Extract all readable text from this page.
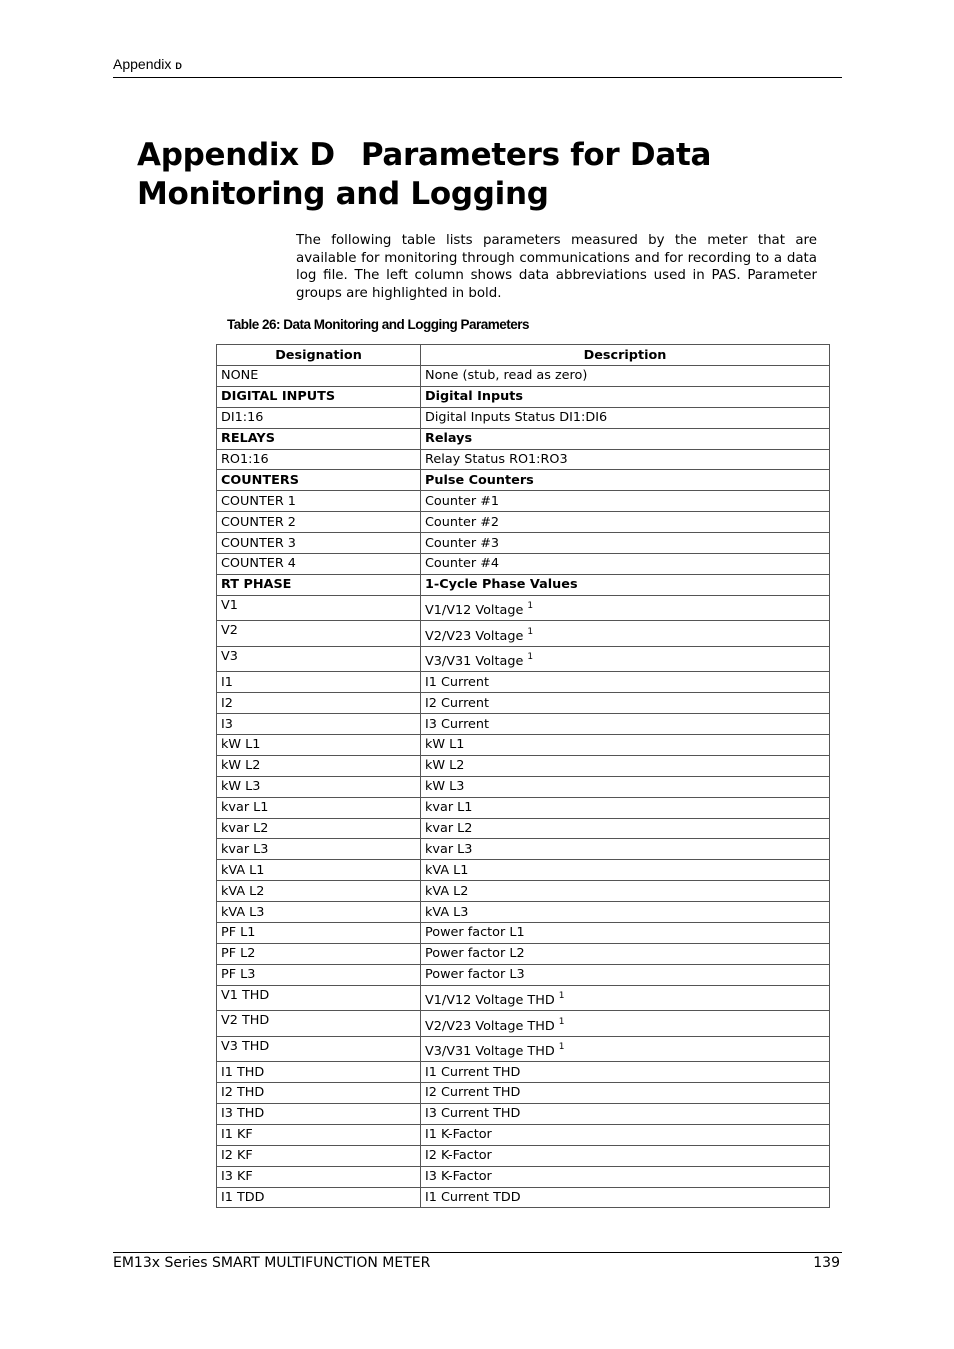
Appendix D
Appendix D Parameters for Data
Monitoring and Logging

The following table lists parameters measured by the meter that are available for monitoring through communications and for recording to a data log file. The left column shows data abbreviations used in PAS. Parameter groups are highlighted in bold.

Table 26: Data Monitoring and Logging Parameters

Designation	Description
NONE	None (stub, read as zero)
DIGITAL INPUTS	Digital Inputs
DI1:16	Digital Inputs Status DI1:DI6
RELAYS	Relays
RO1:16	Relay Status RO1:RO3
COUNTERS	Pulse Counters
COUNTER 1	Counter #1
COUNTER 2	Counter #2
COUNTER 3	Counter #3
COUNTER 4	Counter #4
RT PHASE	1-Cycle Phase Values
V1	V1/V12 Voltage $^1$
V2	V2/V23 Voltage $^1$
V3	V3/V31 Voltage $^1$
I1	I1 Current
I2	I2 Current
I3	I3 Current
kW L1	kW L1
kW L2	kW L2
kW L3	kW L3
kvar L1	kvar L1
kvar L2	kvar L2
kvar L3	kvar L3
kVA L1	kVA L1
kVA L2	kVA L2
kVA L3	kVA L3
PF L1	Power factor L1
PF L2	Power factor L2
PF L3	Power factor L3
V1 THD	V1/V12 Voltage THD $^1$
V2 THD	V2/V23 Voltage THD $^1$
V3 THD	V3/V31 Voltage THD $^1$
I1 THD	I1 Current THD
I2 THD	I2 Current THD
I3 THD	I3 Current THD
I1 KF	I1 K-Factor
I2 KF	I2 K-Factor
I3 KF	I3 K-Factor
I1 TDD	I1 Current TDD
EM13x Series SMART MULTIFUNCTION METER	139
